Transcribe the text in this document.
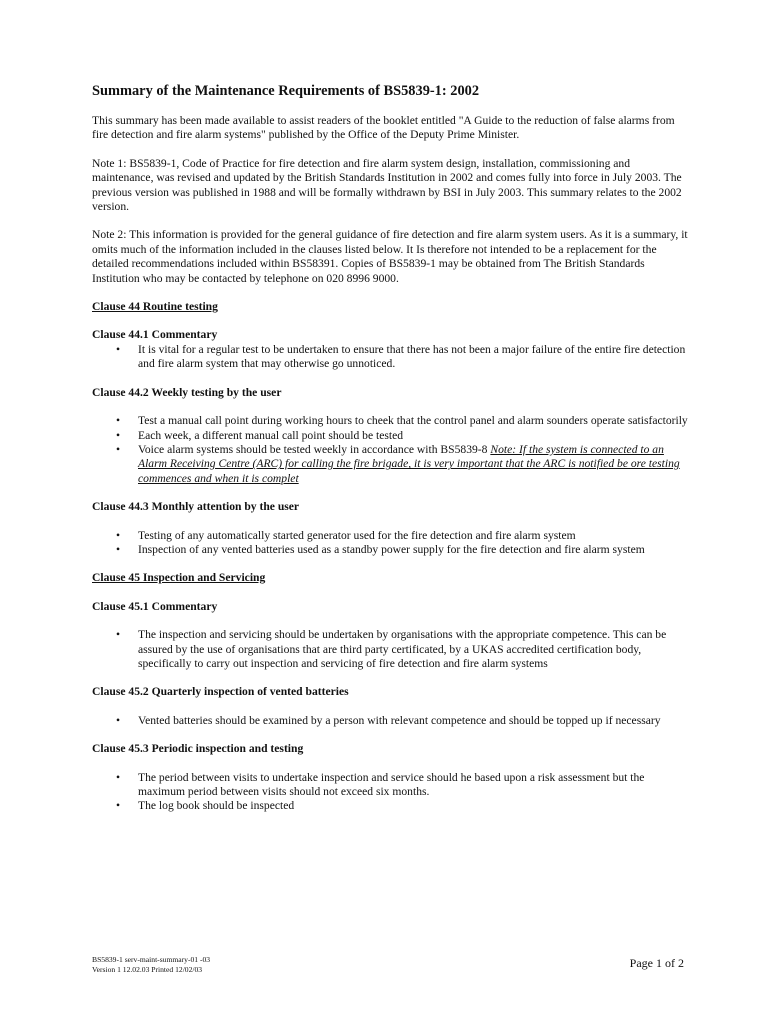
Summary of the Maintenance Requirements of BS5839-1: 2002

This summary has been made available to assist readers of the booklet entitled "A Guide to the reduction of false alarms from fire detection and fire alarm systems" published by the Office of the Deputy Prime Minister.

Note 1: BS5839-1, Code of Practice for fire detection and fire alarm system design, installation, commissioning and maintenance, was revised and updated by the British Standards Institution in 2002 and comes fully into force in July 2003. The previous version was published in 1988 and will be formally withdrawn by BSI in July 2003. This summary relates to the 2002 version.

Note 2: This information is provided for the general guidance of fire detection and fire alarm system users. As it is a summary, it omits much of the information included in the clauses listed below. It Is therefore not intended to be a replacement for the detailed recommendations included within BS58391. Copies of BS5839-1 may be obtained from The British Standards Institution who may be contacted by telephone on 020 8996 9000.

Clause 44 Routine testing

Clause 44.1 Commentary

• It is vital for a regular test to be undertaken to ensure that there has not been a major failure of the entire fire detection and fire alarm system that may otherwise go unnoticed.

Clause 44.2 Weekly testing by the user

• Test a manual call point during working hours to cheek that the control panel and alarm sounders operate satisfactorily
• Each week, a different manual call point should be tested
• Voice alarm systems should be tested weekly in accordance with BS5839-8 Note: If the system is connected to an Alarm Receiving Centre (ARC) for calling the fire brigade, it is very important that the ARC is notified be ore testing commences and when it is complet

Clause 44.3 Monthly attention by the user

• Testing of any automatically started generator used for the fire detection and fire alarm system
• Inspection of any vented batteries used as a standby power supply for the fire detection and fire alarm system

Clause 45 Inspection and Servicing

Clause 45.1 Commentary

• The inspection and servicing should be undertaken by organisations with the appropriate competence. This can be assured by the use of organisations that are third party certificated, by a UKAS accredited certification body, specifically to carry out inspection and servicing of fire detection and fire alarm systems

Clause 45.2 Quarterly inspection of vented batteries

• Vented batteries should be examined by a person with relevant competence and should be topped up if necessary

Clause 45.3 Periodic inspection and testing

• The period between visits to undertake inspection and service should he based upon a risk assessment but the maximum period between visits should not exceed six months.
• The log book should be inspected
BS5839-1 serv-maint-summary-01 -03
Version 1 12.02.03 Printed 12/02/03	Page 1 of 2
